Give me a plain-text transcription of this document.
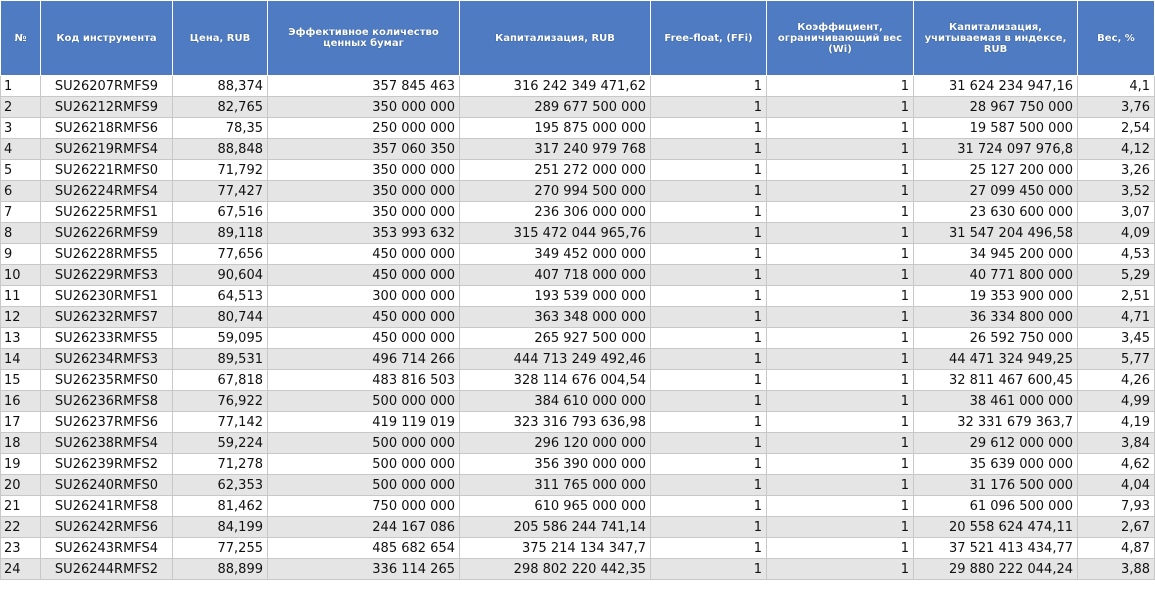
№	Код инструмента	Цена, RUB	Эффективное количество ценных бумаг	Капитализация, RUB	Free-float, (FFi)	Коэффициент, ограничивающий вес (Wi)	Капитализация, учитываемая в индексе, RUB	Вес, %
1	SU26207RMFS9	88,374	357 845 463	316 242 349 471,62	1	1	31 624 234 947,16	4,1
2	SU26212RMFS9	82,765	350 000 000	289 677 500 000	1	1	28 967 750 000	3,76
3	SU26218RMFS6	78,35	250 000 000	195 875 000 000	1	1	19 587 500 000	2,54
4	SU26219RMFS4	88,848	357 060 350	317 240 979 768	1	1	31 724 097 976,8	4,12
5	SU26221RMFS0	71,792	350 000 000	251 272 000 000	1	1	25 127 200 000	3,26
6	SU26224RMFS4	77,427	350 000 000	270 994 500 000	1	1	27 099 450 000	3,52
7	SU26225RMFS1	67,516	350 000 000	236 306 000 000	1	1	23 630 600 000	3,07
8	SU26226RMFS9	89,118	353 993 632	315 472 044 965,76	1	1	31 547 204 496,58	4,09
9	SU26228RMFS5	77,656	450 000 000	349 452 000 000	1	1	34 945 200 000	4,53
10	SU26229RMFS3	90,604	450 000 000	407 718 000 000	1	1	40 771 800 000	5,29
11	SU26230RMFS1	64,513	300 000 000	193 539 000 000	1	1	19 353 900 000	2,51
12	SU26232RMFS7	80,744	450 000 000	363 348 000 000	1	1	36 334 800 000	4,71
13	SU26233RMFS5	59,095	450 000 000	265 927 500 000	1	1	26 592 750 000	3,45
14	SU26234RMFS3	89,531	496 714 266	444 713 249 492,46	1	1	44 471 324 949,25	5,77
15	SU26235RMFS0	67,818	483 816 503	328 114 676 004,54	1	1	32 811 467 600,45	4,26
16	SU26236RMFS8	76,922	500 000 000	384 610 000 000	1	1	38 461 000 000	4,99
17	SU26237RMFS6	77,142	419 119 019	323 316 793 636,98	1	1	32 331 679 363,7	4,19
18	SU26238RMFS4	59,224	500 000 000	296 120 000 000	1	1	29 612 000 000	3,84
19	SU26239RMFS2	71,278	500 000 000	356 390 000 000	1	1	35 639 000 000	4,62
20	SU26240RMFS0	62,353	500 000 000	311 765 000 000	1	1	31 176 500 000	4,04
21	SU26241RMFS8	81,462	750 000 000	610 965 000 000	1	1	61 096 500 000	7,93
22	SU26242RMFS6	84,199	244 167 086	205 586 244 741,14	1	1	20 558 624 474,11	2,67
23	SU26243RMFS4	77,255	485 682 654	375 214 134 347,7	1	1	37 521 413 434,77	4,87
24	SU26244RMFS2	88,899	336 114 265	298 802 220 442,35	1	1	29 880 222 044,24	3,88
